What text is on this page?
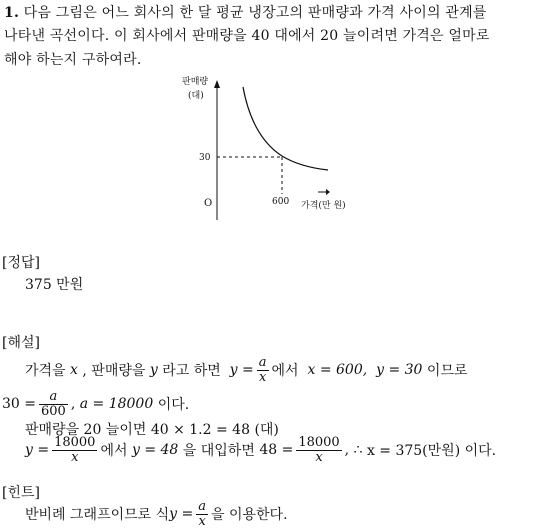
1. 다음 그림은 어느 회사의 한 달 평균 냉장고의 판매량과 가격 사이의 관계를
나타낸 곡선이다. 이 회사에서 판매량을 40 대에서 20 늘이려면 가격은 얼마로
해야 하는지 구하여라.
판매량
(대)
30
O	600 가격(만 원)
[정답]
375 만원
[해설]
가격을
x
, 판매량을
y
라고 하면
$y = \frac{a}{x}$ 에서
x = 600,
y = 30
이므로
$30 = \frac{a}{600}$ ,
a = 18000
이다.
판매량을 20 늘이면 40 × 1.2 = 48 (대)
$y = \frac{18000}{x}$ 에서
y = 48
을 대입하면
$48 = \frac{18000}{x}$ , ∴
x = 375(만원)
이다.
[힌트]
반비례 그래프이므로 식 $y = \frac{a}{x}$ 을 이용한다.
